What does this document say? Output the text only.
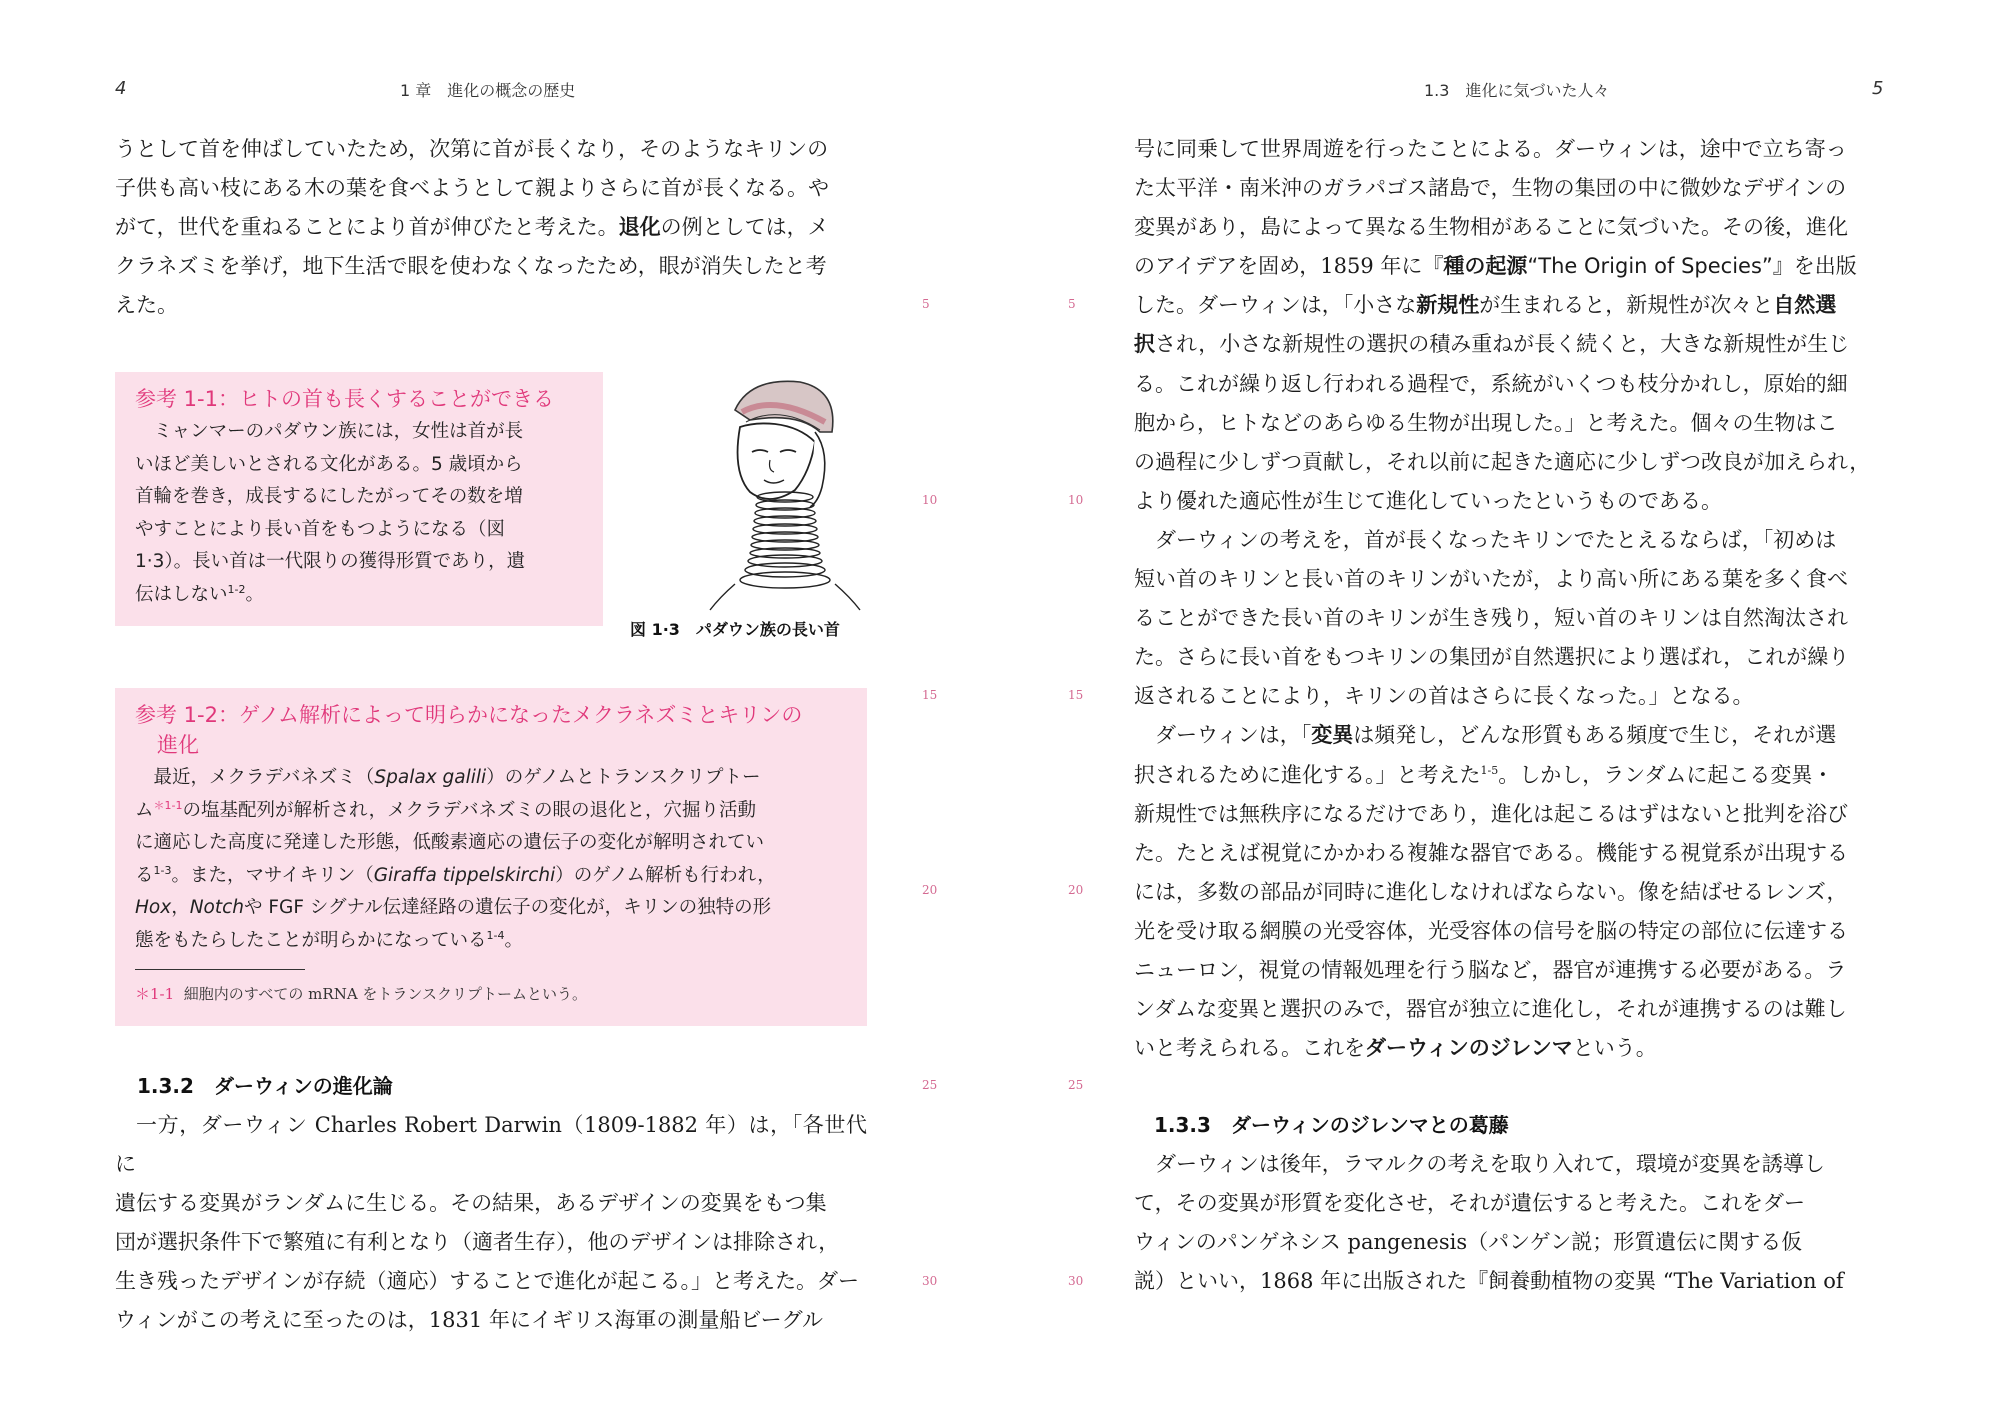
4	1 章　進化の概念の歴史

うとして首を伸ばしていたため，次第に首が長くなり，そのようなキリンの

子供も高い枝にある木の葉を食べようとして親よりさらに首が長くなる。や

がて，世代を重ねることにより首が伸びたと考えた。退化の例としては，メ

クラネズミを挙げ，地下生活で眼を使わなくなったため，眼が消失したと考

えた。

参考 1-1：ヒトの首も長くすることができる

ミャンマーのパダウン族には，女性は首が長

いほど美しいとされる文化がある。5 歳頃から

首輪を巻き，成長するにしたがってその数を増

やすことにより長い首をもつようになる（図

1·3）。長い首は一代限りの獲得形質であり，遺

伝はしない$^{1-2}$。

参考 1-2：ゲノム解析によって明らかになったメクラネズミとキリンの
進化

最近，メクラデバネズミ（Spalax galili）のゲノムとトランスクリプトー

ム$^{*1-1}$の塩基配列が解析され，メクラデバネズミの眼の退化と，穴掘り活動

に適応した高度に発達した形態，低酸素適応の遺伝子の変化が解明されてい

る$^{1-3}$。また，マサイキリン（Giraffa tippelskirchi）のゲノム解析も行われ，

Hox，Notchや FGF シグナル伝達経路の遺伝子の変化が，キリンの独特の形

態をもたらしたことが明らかになっている$^{1-4}$。

＊1-1 細胞内のすべての mRNA をトランスクリプトームという。
1.3.2　ダーウィンの進化論

一方，ダーウィン Charles Robert Darwin（1809-1882 年）は，「各世代に

遺伝する変異がランダムに生じる。その結果，あるデザインの変異をもつ集

団が選択条件下で繁殖に有利となり（適者生存），他のデザインは排除され，

生き残ったデザインが存続（適応）することで進化が起こる。」と考えた。ダー

ウィンがこの考えに至ったのは，1831 年にイギリス海軍の測量船ビーグル

図 1·3　パダウン族の長い首
5
10
15
20
25
30
5
10
15
20
25
30
1.3　進化に気づいた人々	5

号に同乗して世界周遊を行ったことによる。ダーウィンは，途中で立ち寄っ

た太平洋・南米沖のガラパゴス諸島で，生物の集団の中に微妙なデザインの

変異があり，島によって異なる生物相があることに気づいた。その後，進化

のアイデアを固め，1859 年に『種の起源“The Origin of Species”』を出版

した。ダーウィンは，「小さな新規性が生まれると，新規性が次々と自然選

択され，小さな新規性の選択の積み重ねが長く続くと，大きな新規性が生じ

る。これが繰り返し行われる過程で，系統がいくつも枝分かれし，原始的細

胞から，ヒトなどのあらゆる生物が出現した。」と考えた。個々の生物はこ

の過程に少しずつ貢献し，それ以前に起きた適応に少しずつ改良が加えられ，

より優れた適応性が生じて進化していったというものである。

ダーウィンの考えを，首が長くなったキリンでたとえるならば，「初めは

短い首のキリンと長い首のキリンがいたが，より高い所にある葉を多く食べ

ることができた長い首のキリンが生き残り，短い首のキリンは自然淘汰され

た。さらに長い首をもつキリンの集団が自然選択により選ばれ，これが繰り

返されることにより，キリンの首はさらに長くなった。」となる。

ダーウィンは，「変異は頻発し，どんな形質もある頻度で生じ，それが選

択されるために進化する。」と考えた$^{1-5}$。しかし，ランダムに起こる変異・

新規性では無秩序になるだけであり，進化は起こるはずはないと批判を浴び

た。たとえば視覚にかかわる複雑な器官である。機能する視覚系が出現する

には，多数の部品が同時に進化しなければならない。像を結ばせるレンズ，

光を受け取る網膜の光受容体，光受容体の信号を脳の特定の部位に伝達する

ニューロン，視覚の情報処理を行う脳など，器官が連携する必要がある。ラ

ンダムな変異と選択のみで，器官が独立に進化し，それが連携するのは難し

いと考えられる。これをダーウィンのジレンマという。

1.3.3　ダーウィンのジレンマとの葛藤

ダーウィンは後年，ラマルクの考えを取り入れて，環境が変異を誘導し

て，その変異が形質を変化させ，それが遺伝すると考えた。これをダー

ウィンのパンゲネシス pangenesis（パンゲン説；形質遺伝に関する仮

説）といい，1868 年に出版された『飼養動植物の変異 “The Variation of
